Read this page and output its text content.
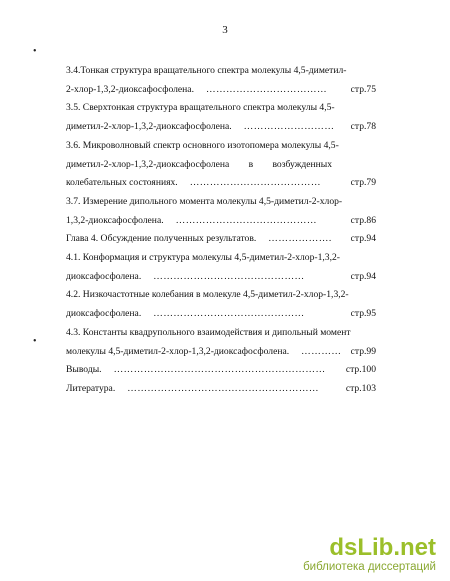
3
•
•
3.4.Тонкая структура вращательного спектра молекулы 4,5-диметил-
2-хлор-1,3,2-диоксафосфолена. ………………………………	стр.75
3.5. Сверхтонкая структура вращательного спектра молекулы 4,5-
диметил-2-хлор-1,3,2-диоксафосфолена. ……………………… стр.78
3.6. Микроволновый спектр основного изотопомера молекулы 4,5-
диметил-2-хлор-1,3,2-диоксафосфолена в возбужденных
колебательных состояниях. …………………………………	стр.79
3.7. Измерение дипольного момента молекулы 4,5-диметил-2-хлор-
1,3,2-диоксафосфолена. ……………………………………	стр.86
Глава 4. Обсуждение полученных результатов. ………………. стр.94
4.1. Конформация и структура молекулы 4,5-диметил-2-хлор-1,3,2-
диоксафосфолена. ………………………………………	стр.94
4.2. Низкочастотные колебания в молекуле 4,5-диметил-2-хлор-1,3,2-
диоксафосфолена. ………………………………………	стр.95
4.3. Константы квадрупольного взаимодействия и дипольный момент
молекулы 4,5-диметил-2-хлор-1,3,2-диоксафосфолена. ………… стр.99
Выводы. ………………………………………………………	стр.100
Литература. …………………………………………………	стр.103
dsLib.net
библиотека диссертаций
